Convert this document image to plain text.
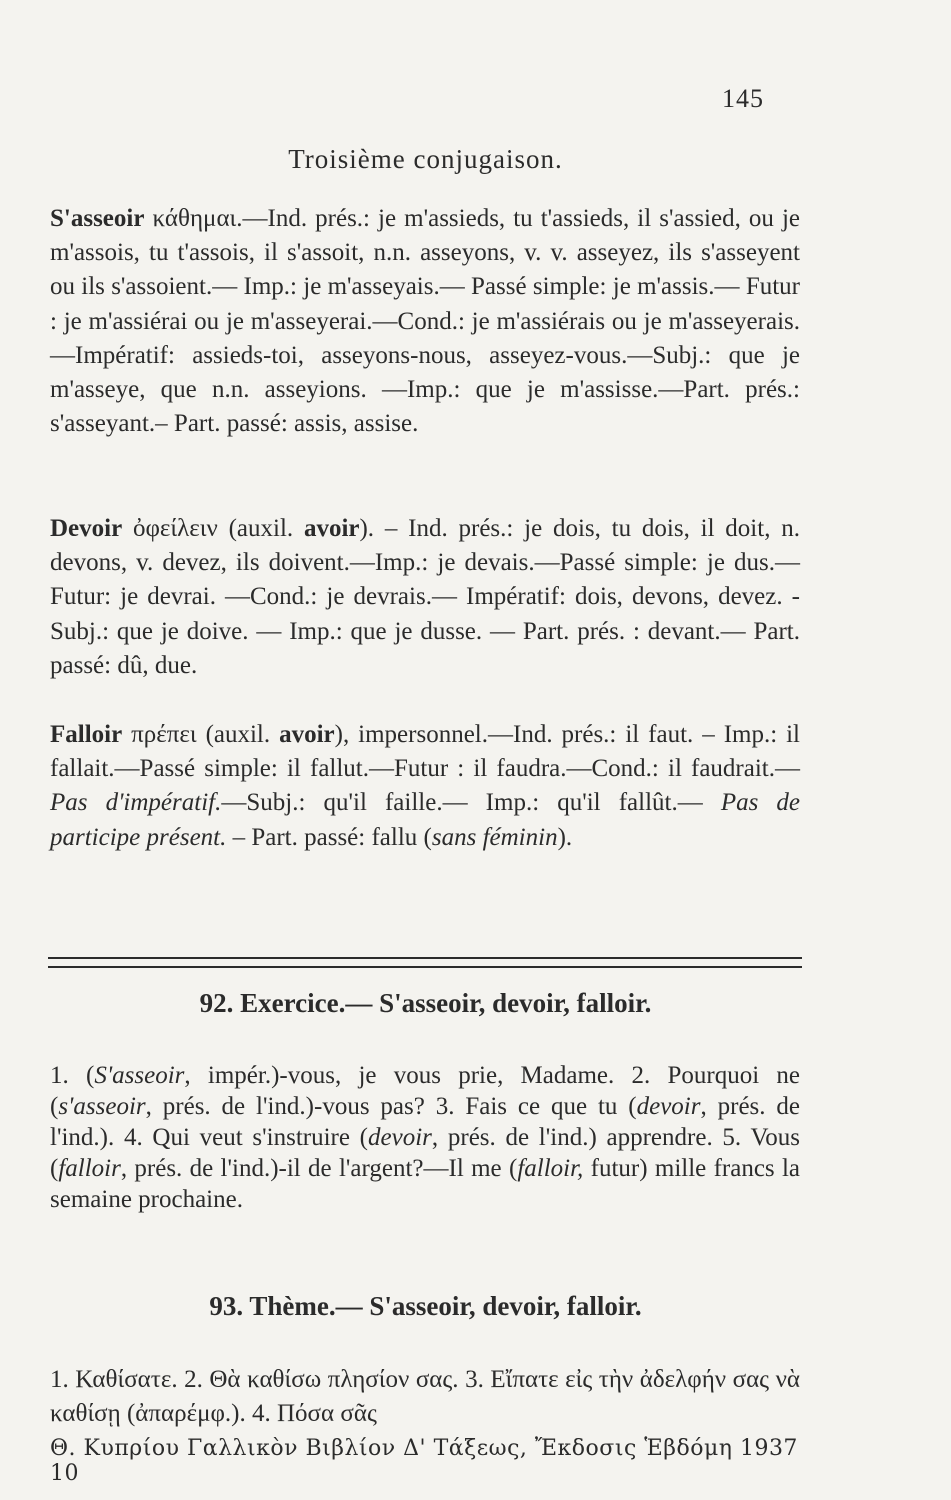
145
Troisième conjugaison.

S'asseoir κάθημαι.—Ind. prés.: je m'assieds, tu t'assieds, il s'assied, ou je m'assois, tu t'assois, il s'assoit, n.n. asseyons, v. v. asseyez, ils s'asseyent ou ils s'assoient.— Imp.: je m'asseyais.— Passé simple: je m'assis.— Futur : je m'assiérai ou je m'asseyerai.—Cond.: je m'assiérais ou je m'asseyerais.—Impératif: assieds-toi, asseyons-nous, asseyez-vous.—Subj.: que je m'asseye, que n.n. asseyions. —Imp.: que je m'assisse.—Part. prés.: s'asseyant.– Part. passé: assis, assise.

Devoir ὀφείλειν (auxil. avoir). – Ind. prés.: je dois, tu dois, il doit, n. devons, v. devez, ils doivent.—Imp.: je devais.—Passé simple: je dus.—Futur: je devrai. —Cond.: je devrais.— Impératif: dois, devons, devez. - Subj.: que je doive. — Imp.: que je dusse. — Part. prés. : devant.— Part. passé: dû, due.

Falloir πρέπει (auxil. avoir), impersonnel.—Ind. prés.: il faut. – Imp.: il fallait.—Passé simple: il fallut.—Futur : il faudra.—Cond.: il faudrait.—Pas d'impératif.—Subj.: qu'il faille.— Imp.: qu'il fallût.— Pas de participe présent. – Part. passé: fallu (sans féminin).

92. Exercice.— S'asseoir, devoir, falloir.

1. (S'asseoir, impér.)-vous, je vous prie, Madame. 2. Pourquoi ne (s'asseoir, prés. de l'ind.)-vous pas? 3. Fais ce que tu (devoir, prés. de l'ind.). 4. Qui veut s'instruire (devoir, prés. de l'ind.) apprendre. 5. Vous (falloir, prés. de l'ind.)-il de l'argent?—Il me (falloir, futur) mille francs la semaine prochaine.

93. Thème.— S'asseoir, devoir, falloir.

1. Καθίσατε. 2. Θὰ καθίσω πλησίον σας. 3. Εἴπατε εἰς τὴν ἀδελφήν σας νὰ καθίσῃ (ἀπαρέμφ.). 4. Πόσα σᾶς

Θ. Κυπρίου Γαλλικὸν Βιβλίον Δ' Τάξεως, Ἔκδοσις Ἑβδόμη 1937 10
